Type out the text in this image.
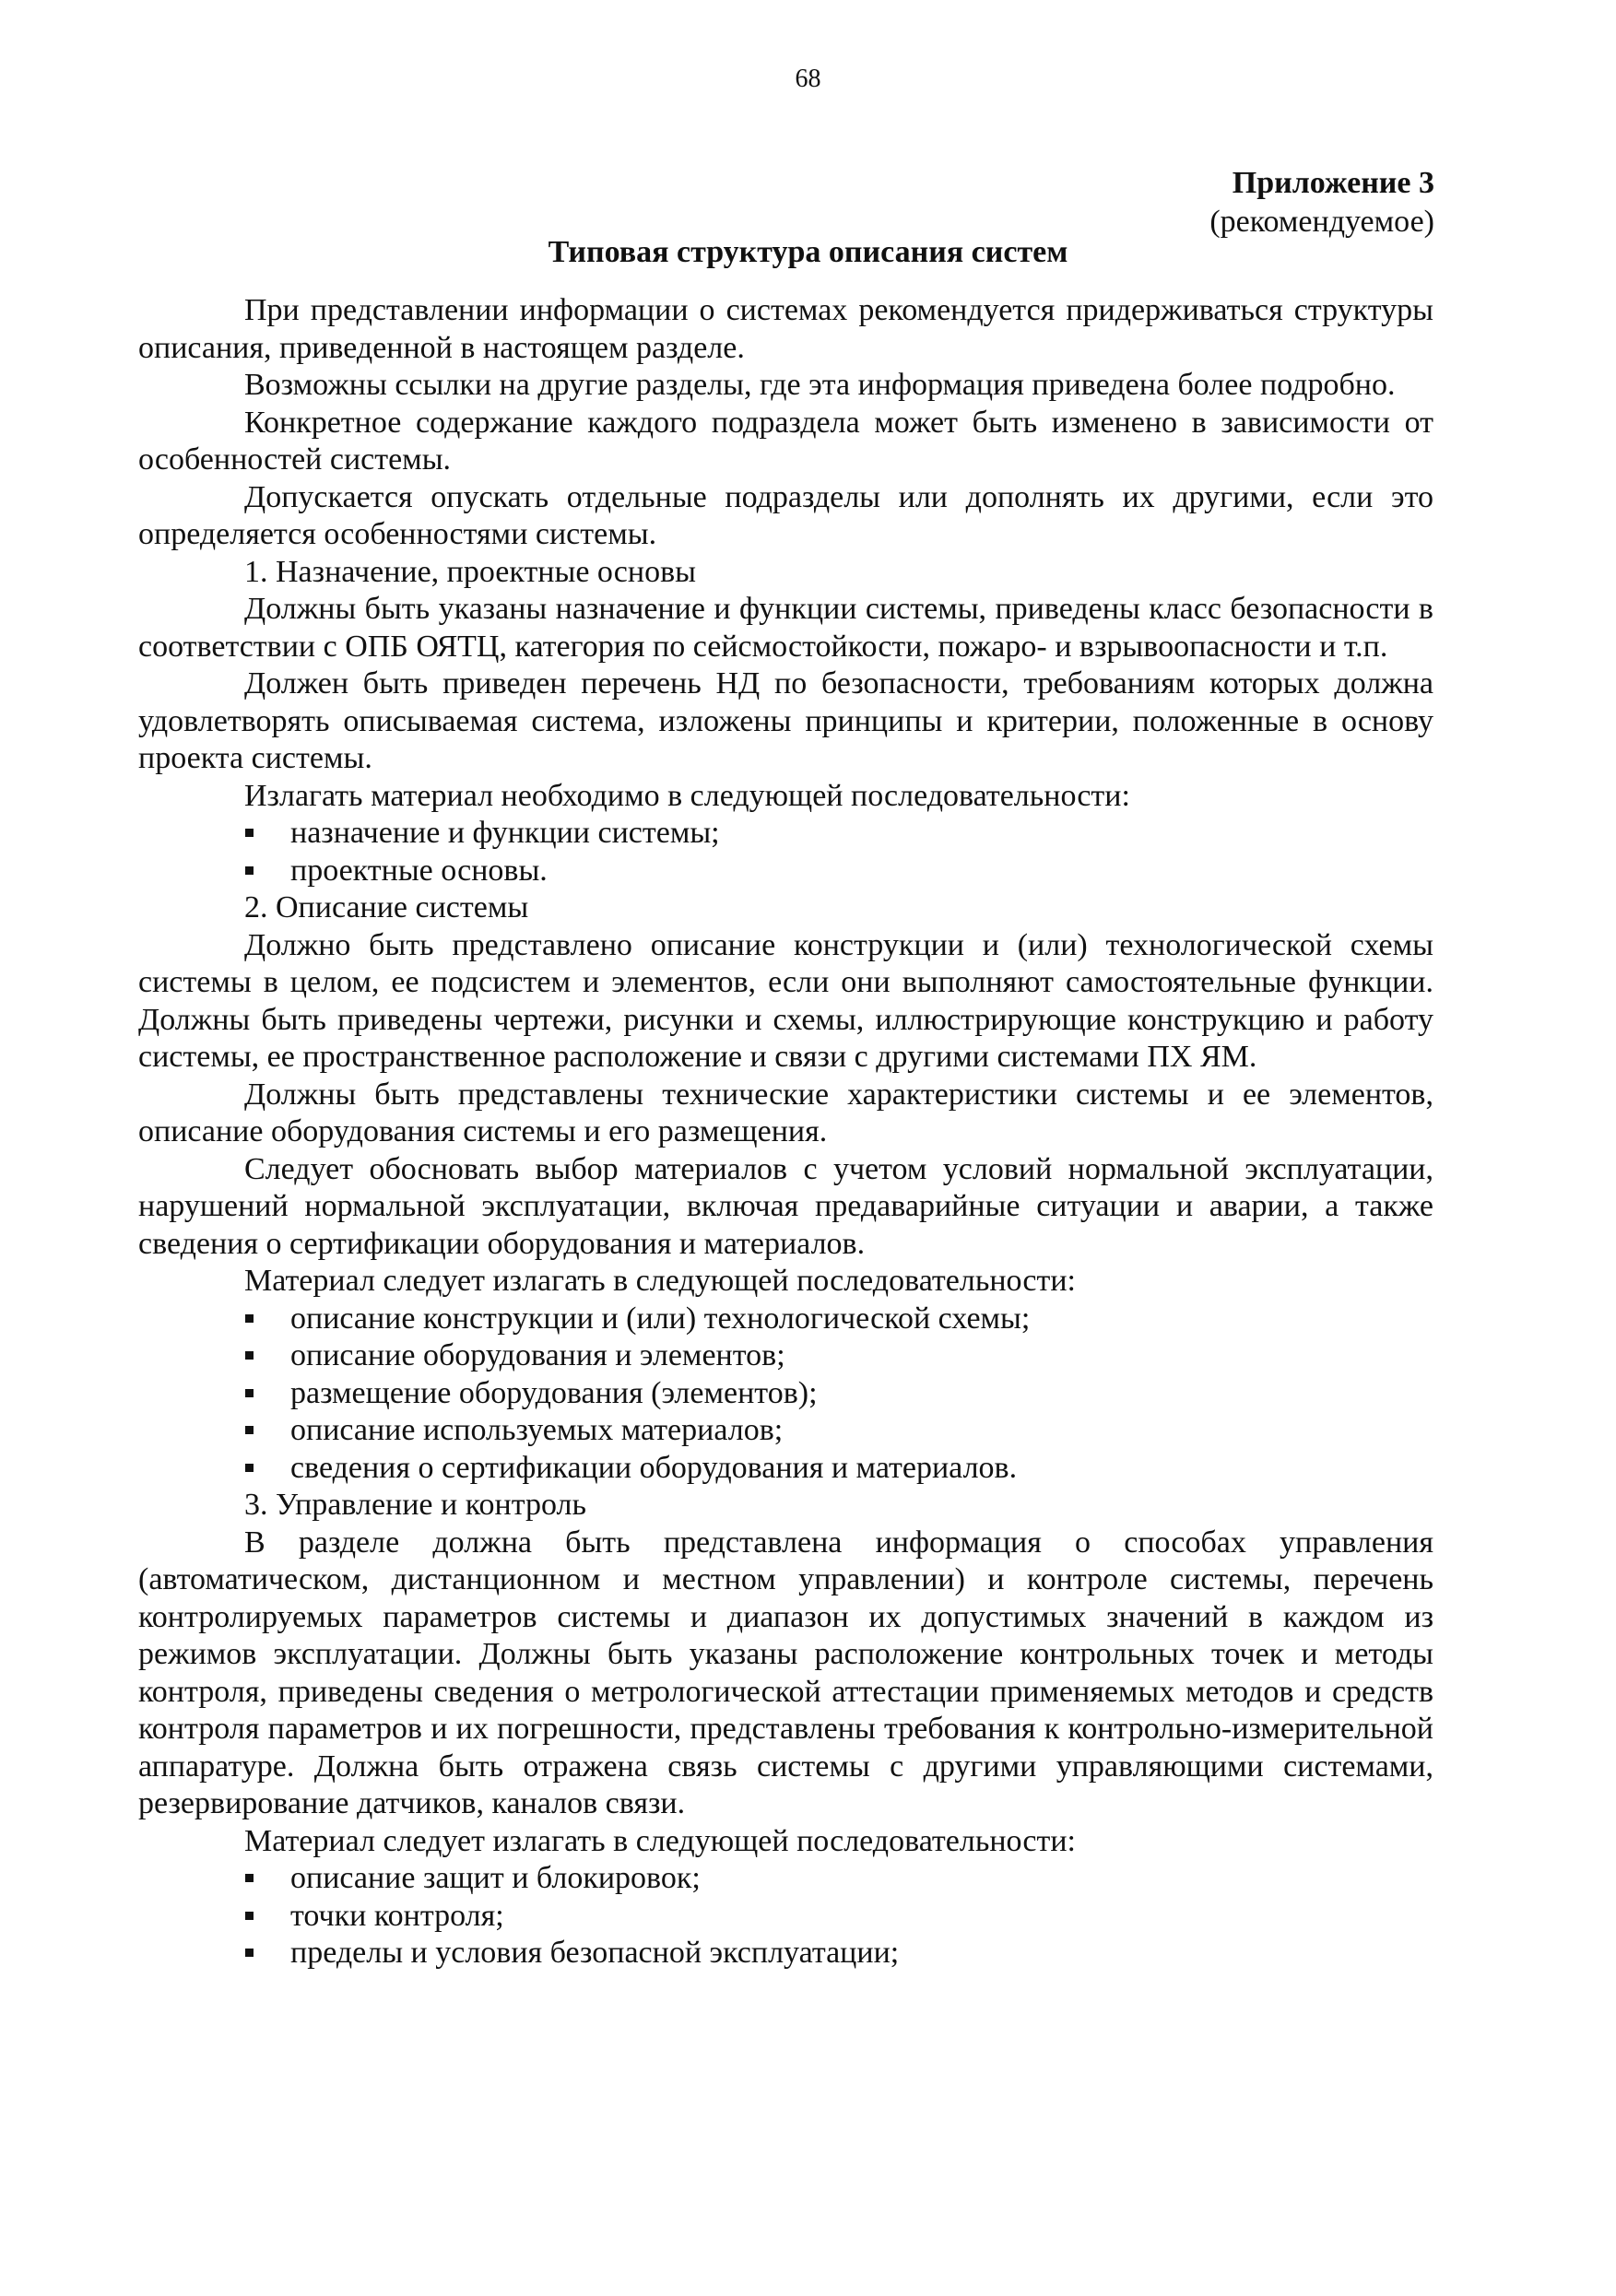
68
Приложение 3
(рекомендуемое)
Типовая структура описания систем

При представлении информации о системах рекомендуется придерживаться структуры описания, приведенной в настоящем разделе.

Возможны ссылки на другие разделы, где эта информация приведена более подробно.

Конкретное содержание каждого подраздела может быть изменено в зависимости от особенностей системы.

Допускается опускать отдельные подразделы или дополнять их другими, если это определяется особенностями системы.

1. Назначение, проектные основы

Должны быть указаны назначение и функции системы, приведены класс безопасности в соответствии с ОПБ ОЯТЦ, категория по сейсмостойкости, пожаро- и взрывоопасности и т.п.

Должен быть приведен перечень НД по безопасности, требованиям которых должна удовлетворять описываемая система, изложены принципы и критерии, положенные в основу проекта системы.

Излагать материал необходимо в следующей последовательности:

назначение и функции системы;
проектные основы.

2. Описание системы

Должно быть представлено описание конструкции и (или) технологической схемы системы в целом, ее подсистем и элементов, если они выполняют самостоятельные функции. Должны быть приведены чертежи, рисунки и схемы, иллюстрирующие конструкцию и работу системы, ее пространственное расположение и связи с другими системами ПХ ЯМ.

Должны быть представлены технические характеристики системы и ее элементов, описание оборудования системы и его размещения.

Следует обосновать выбор материалов с учетом условий нормальной эксплуатации, нарушений нормальной эксплуатации, включая предаварийные ситуации и аварии, а также сведения о сертификации оборудования и материалов.

Материал следует излагать в следующей последовательности:

описание конструкции и (или) технологической схемы;
описание оборудования и элементов;
размещение оборудования (элементов);
описание используемых материалов;
сведения о сертификации оборудования и материалов.

3. Управление и контроль

В разделе должна быть представлена информация о способах управления (автоматическом, дистанционном и местном управлении) и контроле системы, перечень контролируемых параметров системы и диапазон их допустимых значений в каждом из режимов эксплуатации. Должны быть указаны расположение контрольных точек и методы контроля, приведены сведения о метрологической аттестации применяемых методов и средств контроля параметров и их погрешности, представлены требования к контрольно-измерительной аппаратуре. Должна быть отражена связь системы с другими управляющими системами, резервирование датчиков, каналов связи.

Материал следует излагать в следующей последовательности:

описание защит и блокировок;
точки контроля;
пределы и условия безопасной эксплуатации;
